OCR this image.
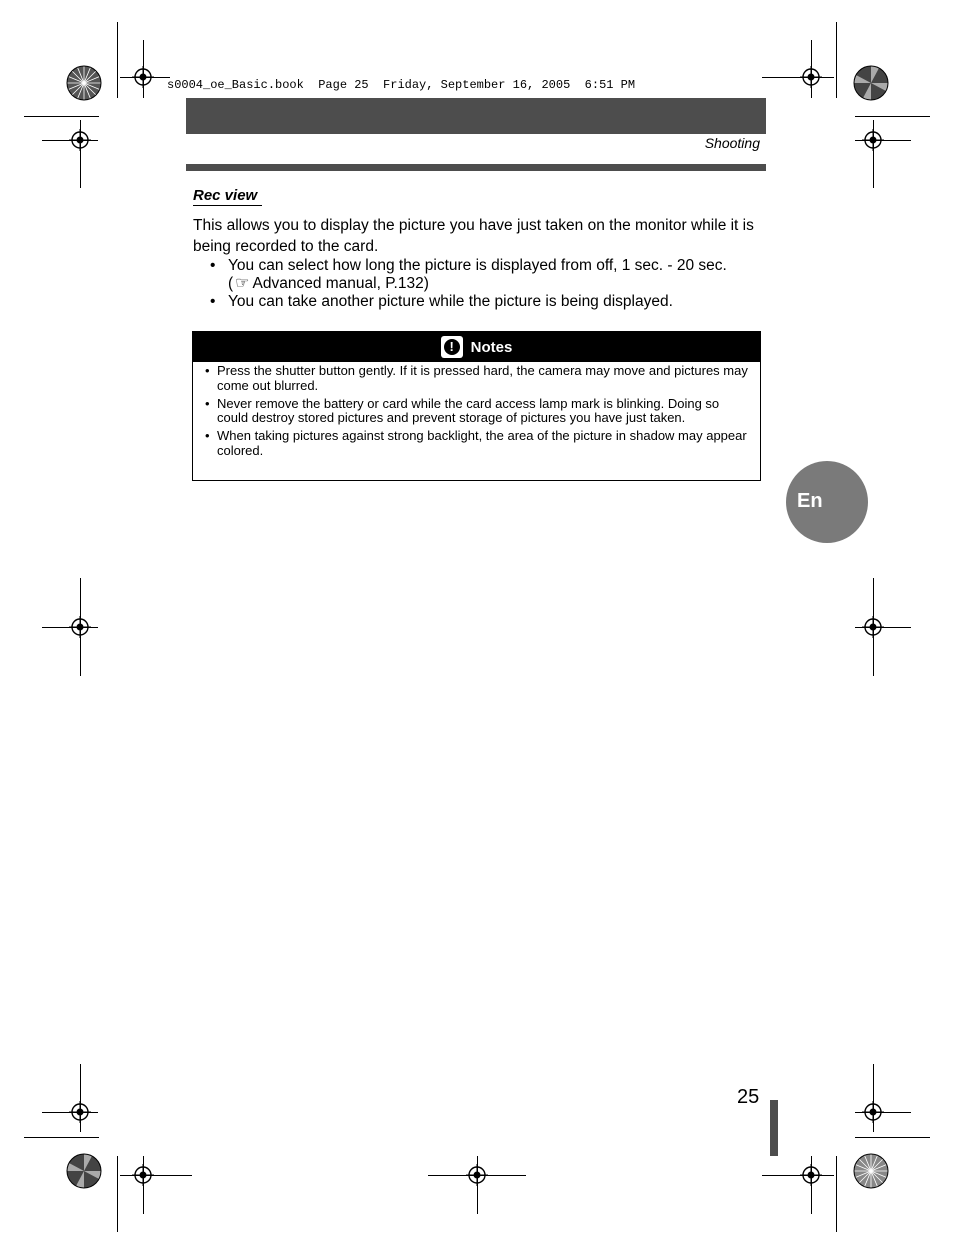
s0004_oe_Basic.book  Page 25  Friday, September 16, 2005  6:51 PM
Shooting
Rec view
This allows you to display the picture you have just taken on the monitor while it is being recorded to the card.
• You can select how long the picture is displayed from off, 1 sec. - 20 sec.
( ☞ Advanced manual, P.132)
• You can take another picture while the picture is being displayed.
!	Notes
• Press the shutter button gently. If it is pressed hard, the camera may move and pictures may come out blurred.
• Never remove the battery or card while the card access lamp mark is blinking. Doing so could destroy stored pictures and prevent storage of pictures you have just taken.
• When taking pictures against strong backlight, the area of the picture in shadow may appear colored.
En
25
